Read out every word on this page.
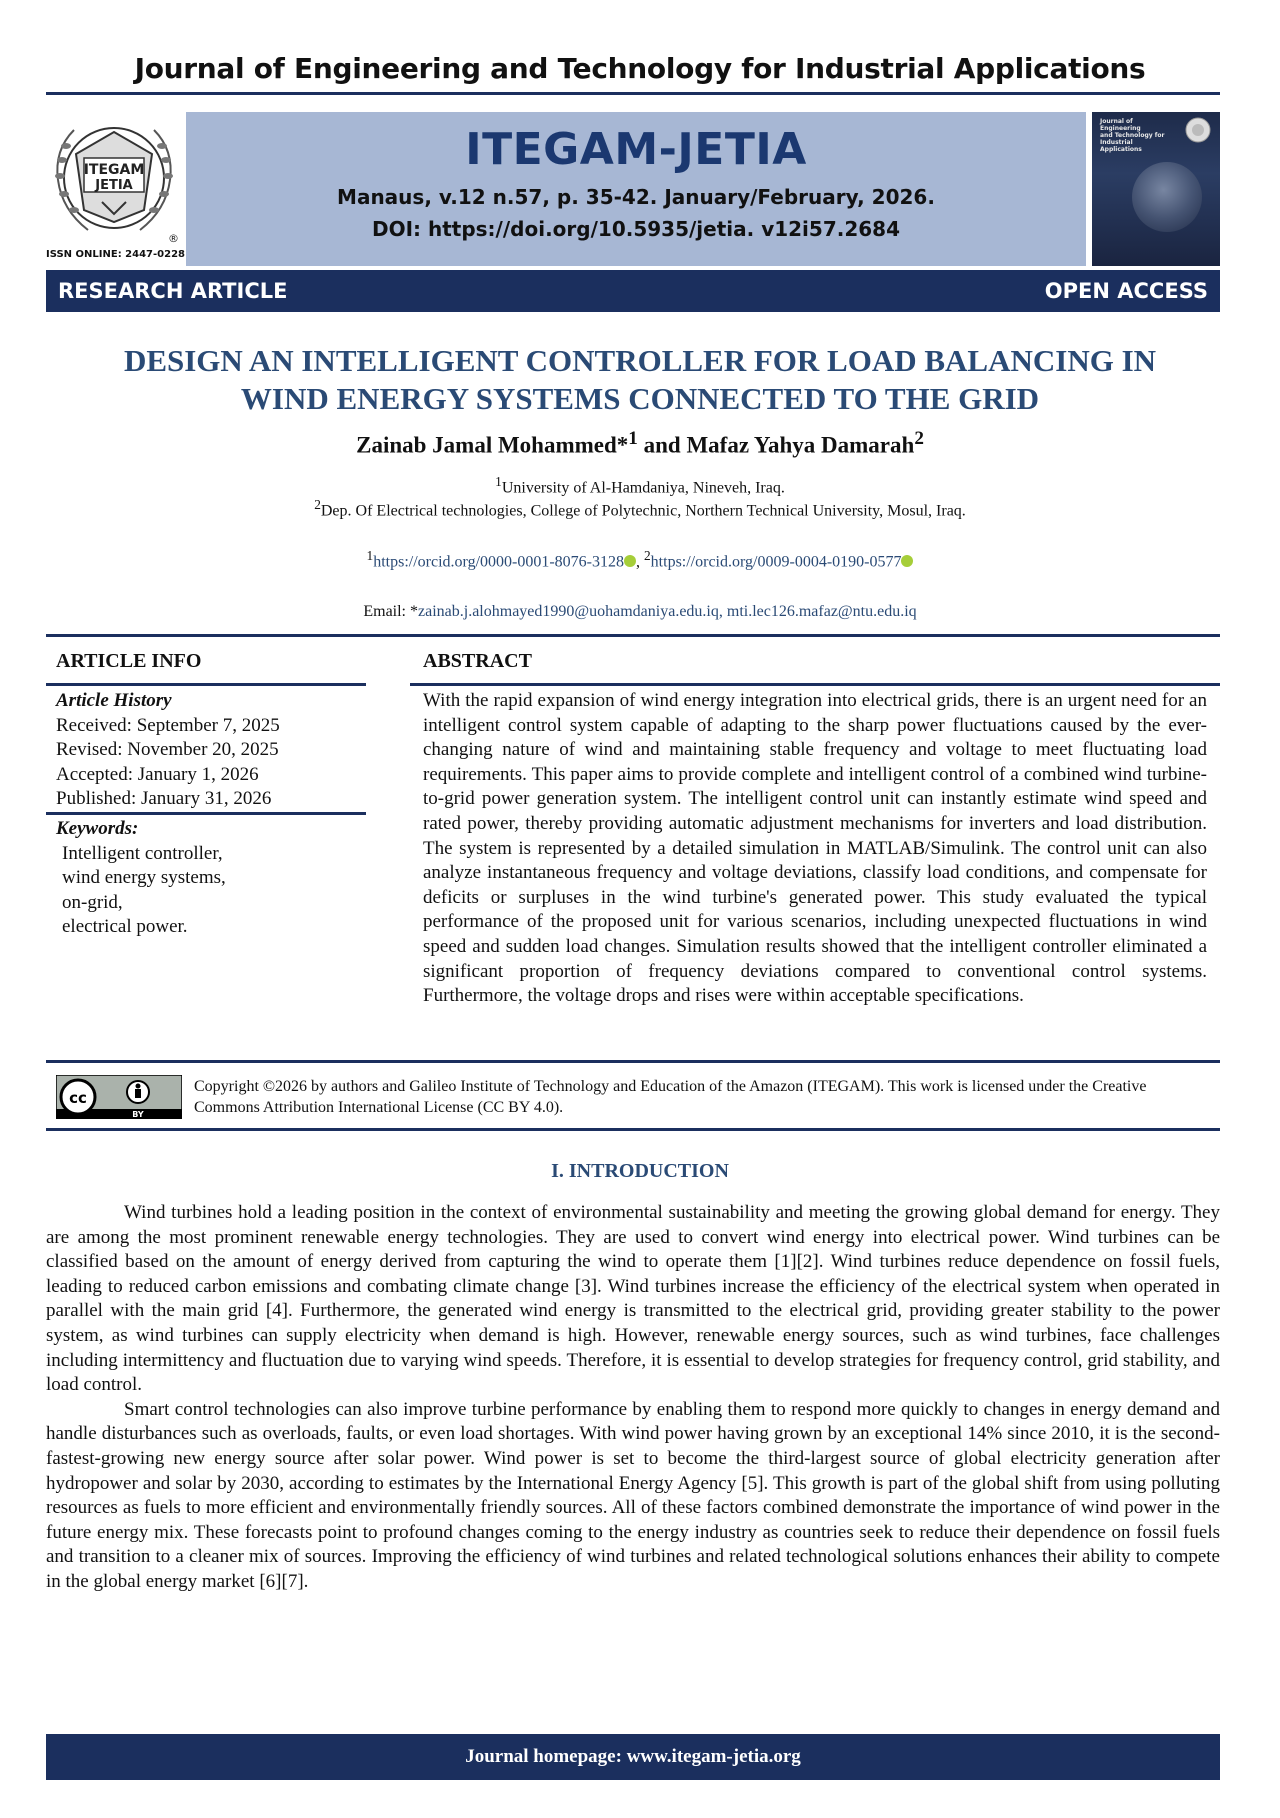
Journal of Engineering and Technology for Industrial Applications
ITEGAM
JETIA
®
ISSN ONLINE: 2447-0228
ITEGAM-JETIA
Manaus, v.12 n.57, p. 35-42. January/February, 2026.
DOI: https://doi.org/10.5935/jetia. v12i57.2684
Journal of Engineering
and Technology for
Industrial Applications
RESEARCH ARTICLE	OPEN ACCESS
DESIGN AN INTELLIGENT CONTROLLER FOR LOAD BALANCING IN
WIND ENERGY SYSTEMS CONNECTED TO THE GRID
Zainab Jamal Mohammed*$^1$ and Mafaz Yahya Damarah$^2$
$^1$University of Al-Hamdaniya, Nineveh, Iraq.
$^2$Dep. Of Electrical technologies, College of Polytechnic, Northern Technical University, Mosul, Iraq.
$^1$https://orcid.org/0000-0001-8076-3128 , $^2$https://orcid.org/0009-0004-0190-0577
Email: *zainab.j.alohmayed1990@uohamdaniya.edu.iq, mti.lec126.mafaz@ntu.edu.iq
ARTICLE INFO	ABSTRACT
Article History
Received: September 7, 2025
Revised: November 20, 2025
Accepted: January 1, 2026
Published: January 31, 2026
Keywords:
Intelligent controller,
wind energy systems,
on-grid,
electrical power.
With the rapid expansion of wind energy integration into electrical grids, there is an urgent need for an intelligent control system capable of adapting to the sharp power fluctuations caused by the ever-changing nature of wind and maintaining stable frequency and voltage to meet fluctuating load requirements. This paper aims to provide complete and intelligent control of a combined wind turbine-to-grid power generation system. The intelligent control unit can instantly estimate wind speed and rated power, thereby providing automatic adjustment mechanisms for inverters and load distribution. The system is represented by a detailed simulation in MATLAB/Simulink. The control unit can also analyze instantaneous frequency and voltage deviations, classify load conditions, and compensate for deficits or surpluses in the wind turbine's generated power. This study evaluated the typical performance of the proposed unit for various scenarios, including unexpected fluctuations in wind speed and sudden load changes. Simulation results showed that the intelligent controller eliminated a significant proportion of frequency deviations compared to conventional control systems. Furthermore, the voltage drops and rises were within acceptable specifications.
cc
BY
Copyright ©2026 by authors and Galileo Institute of Technology and Education of the Amazon (ITEGAM). This work is licensed under the Creative Commons Attribution International License (CC BY 4.0).
I. INTRODUCTION

Wind turbines hold a leading position in the context of environmental sustainability and meeting the growing global demand for energy. They are among the most prominent renewable energy technologies. They are used to convert wind energy into electrical power. Wind turbines can be classified based on the amount of energy derived from capturing the wind to operate them [1][2]. Wind turbines reduce dependence on fossil fuels, leading to reduced carbon emissions and combating climate change [3]. Wind turbines increase the efficiency of the electrical system when operated in parallel with the main grid [4]. Furthermore, the generated wind energy is transmitted to the electrical grid, providing greater stability to the power system, as wind turbines can supply electricity when demand is high. However, renewable energy sources, such as wind turbines, face challenges including intermittency and fluctuation due to varying wind speeds. Therefore, it is essential to develop strategies for frequency control, grid stability, and load control.

Smart control technologies can also improve turbine performance by enabling them to respond more quickly to changes in energy demand and handle disturbances such as overloads, faults, or even load shortages. With wind power having grown by an exceptional 14% since 2010, it is the second-fastest-growing new energy source after solar power. Wind power is set to become the third-largest source of global electricity generation after hydropower and solar by 2030, according to estimates by the International Energy Agency [5]. This growth is part of the global shift from using polluting resources as fuels to more efficient and environmentally friendly sources. All of these factors combined demonstrate the importance of wind power in the future energy mix. These forecasts point to profound changes coming to the energy industry as countries seek to reduce their dependence on fossil fuels and transition to a cleaner mix of sources. Improving the efficiency of wind turbines and related technological solutions enhances their ability to compete in the global energy market [6][7].

Journal homepage: www.itegam-jetia.org
